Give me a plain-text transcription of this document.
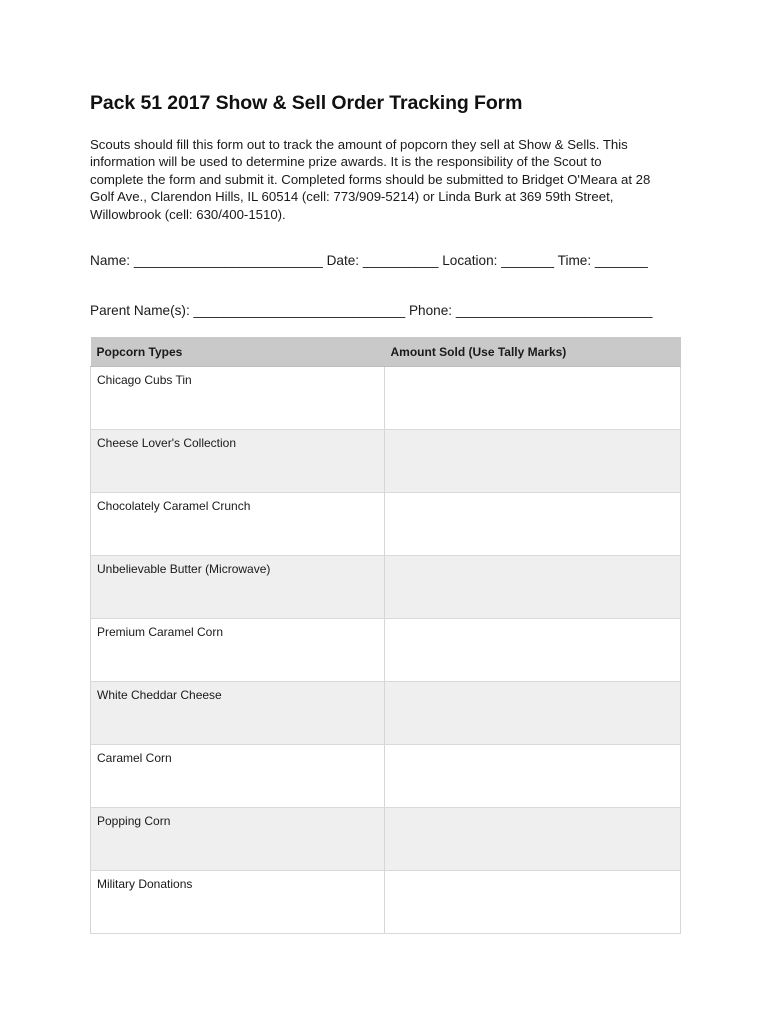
Pack 51 2017 Show & Sell Order Tracking Form
Scouts should fill this form out to track the amount of popcorn they sell at Show & Sells. This
information will be used to determine prize awards. It is the responsibility of the Scout to
complete the form and submit it. Completed forms should be submitted to Bridget O'Meara at 28
Golf Ave., Clarendon Hills, IL 60514 (cell: 773/909-5214) or Linda Burk at 369 59th Street,
Willowbrook (cell: 630/400-1510).
Name: _________________________ Date: __________ Location: _______ Time: _______
Parent Name(s): ____________________________ Phone: __________________________
Popcorn Types	Amount Sold (Use Tally Marks)
Chicago Cubs Tin	
Cheese Lover's Collection	
Chocolately Caramel Crunch	
Unbelievable Butter (Microwave)	
Premium Caramel Corn	
White Cheddar Cheese	
Caramel Corn	
Popping Corn	
Military Donations	
